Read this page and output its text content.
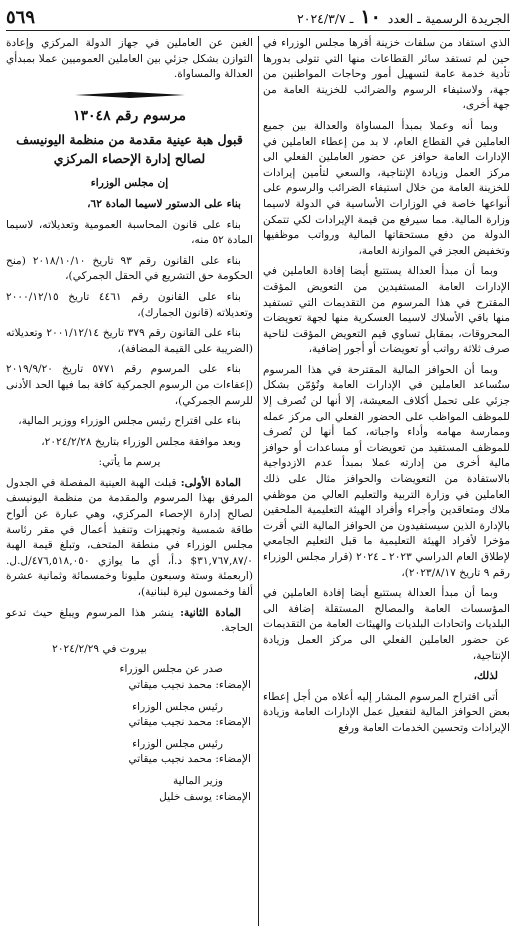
الجريدة الرسمية ـ العدد ١٠ ـ ٢٠٢٤/٣/٧
٥٦٩

الذي استفاد من سلفات خزينة أقرها مجلس الوزراء في حين لم تستفد سائر القطاعات منها التي تتولى بدورها تأدية خدمة عامة لتسهيل أمور وحاجات المواطنين من جهة، ولاستيفاء الرسوم والضرائب للخزينة العامة من جهة أخرى،

وبما أنه وعملا بمبدأ المساواة والعدالة بين جميع العاملين في القطاع العام، لا بد من إعطاء العاملين في الإدارات العامة حوافز عن حضور العاملين الفعلي الى مركز العمل وزيادة الإنتاجية، والسعي لتأمين إيرادات للخزينة العامة من خلال استيفاء الضرائب والرسوم على أنواعها خاصة في الوزارات الأساسية في الدولة لاسيما وزارة المالية. مما سيرفع من قيمة الإيرادات لكي تتمكن الدولة من دفع مستحقاتها المالية ورواتب موظفيها وتخفيض العجز في الموازنة العامة،

وبما أن مبدأ العدالة يستتبع أيضا إفادة العاملين في الإدارات العامة المستفيدين من التعويض المؤقت المقترح في هذا المرسوم من التقديمات التي تستفيد منها باقي الأسلاك لاسيما العسكرية منها لجهة تعويضات المحروقات، بمقابل تساوي قيم التعويض المؤقت لناحية صرف ثلاثة رواتب أو تعويضات أو أجور إضافية،

وبما أن الحوافز المالية المقترحة في هذا المرسوم ستُساعد العاملين في الإدارات العامة وتُؤمّن بشكل جزئي على تحمل أكلاف المعيشة، إلا أنها لن تُصرف إلا للموظف المواظب على الحضور الفعلي الى مركز عمله وممارسة مهامه وأداء واجباته، كما أنها لن تُصرف للموظف المستفيد من تعويضات أو مساعدات أو حوافز مالية أخرى من إدارته عملا بمبدأ عدم الازدواجية بالاستفادة من التعويضات والحوافز مثال على ذلك العاملين في وزارة التربية والتعليم العالي من موظفي ملاك ومتعاقدين وأجراء وأفراد الهيئة التعليمية الملحقين بالإدارة الذين سيستفيدون من الحوافز المالية التي أقرت مؤخرا لأفراد الهيئة التعليمية ما قبل التعليم الجامعي لإطلاق العام الدراسي ٢٠٢٣ ـ ٢٠٢٤ (قرار مجلس الوزراء رقم ٩ تاريخ ٢٠٢٣/٨/١٧)،

وبما أن مبدأ العدالة يستتبع أيضا إفادة العاملين في المؤسسات العامة والمصالح المستقلة إضافة الى البلديات واتحادات البلديات والهيئات العامة من التقديمات عن حضور العاملين الفعلي الى مركز العمل وزيادة الإنتاجية،

لذلك،

أتى اقتراح المرسوم المشار إليه أعلاه من أجل إعطاء بعض الحوافز المالية لتفعيل عمل الإدارات العامة وزيادة الإيرادات وتحسين الخدمات العامة ورفع

الغبن عن العاملين في جهاز الدولة المركزي وإعادة التوازن بشكل جزئي بين العاملين العموميين عملا بمبدأي العدالة والمساواة.

مرسوم رقم ١٣٠٤٨
قبول هبة عينية مقدمة من منظمة اليونيسف لصالح إدارة الإحصاء المركزي

إن مجلس الوزراء

بناء على الدستور لاسيما المادة ٦٢،

بناء على قانون المحاسبة العمومية وتعديلاته، لاسيما المادة ٥٢ منه،

بناء على القانون رقم ٩٣ تاريخ ٢٠١٨/١٠/١٠ (منح الحكومة حق التشريع في الحقل الجمركي)،

بناء على القانون رقم ٤٤٦١ تاريخ ٢٠٠٠/١٢/١٥ وتعديلاته (قانون الجمارك)،

بناء على القانون رقم ٣٧٩ تاريخ ٢٠٠١/١٢/١٤ وتعديلاته (الضريبة على القيمة المضافة)،

بناء على المرسوم رقم ٥٧٧١ تاريخ ٢٠١٩/٩/٢٠ (إعفاءات من الرسوم الجمركية كافة بما فيها الحد الأدنى للرسم الجمركي)،

بناء على اقتراح رئيس مجلس الوزراء ووزير المالية،

وبعد موافقة مجلس الوزراء بتاريخ ٢٠٢٤/٢/٢٨،

يرسم ما يأتي:

المادة الأولى: قبلت الهبة العينية المفصلة في الجدول المرفق بهذا المرسوم والمقدمة من منظمة اليونيسف لصالح إدارة الإحصاء المركزي، وهي عبارة عن ألواح طاقة شمسية وتجهيزات وتنفيذ أعمال في مقر رئاسة مجلس الوزراء في منطقة المتحف، وتبلغ قيمة الهبة ٣١,٧٦٧,٨٧/٠$ د.أ، أي ما يوازي ٤٧٦,٥١٨,٠٥٠/ل.ل. (اربعمئة وستة وسبعون مليونا وخمسمائة وثمانية عشرة ألفا وخمسون ليرة لبنانية)،

المادة الثانية: ينشر هذا المرسوم ويبلغ حيث تدعو الحاجة.

بيروت في ٢٠٢٤/٢/٢٩

صدر عن مجلس الوزراء
الإمضاء: محمد نجيب ميقاتي
رئيس مجلس الوزراء
الإمضاء: محمد نجيب ميقاتي
رئيس مجلس الوزراء
الإمضاء: محمد نجيب ميقاتي
وزير المالية
الإمضاء: يوسف خليل
